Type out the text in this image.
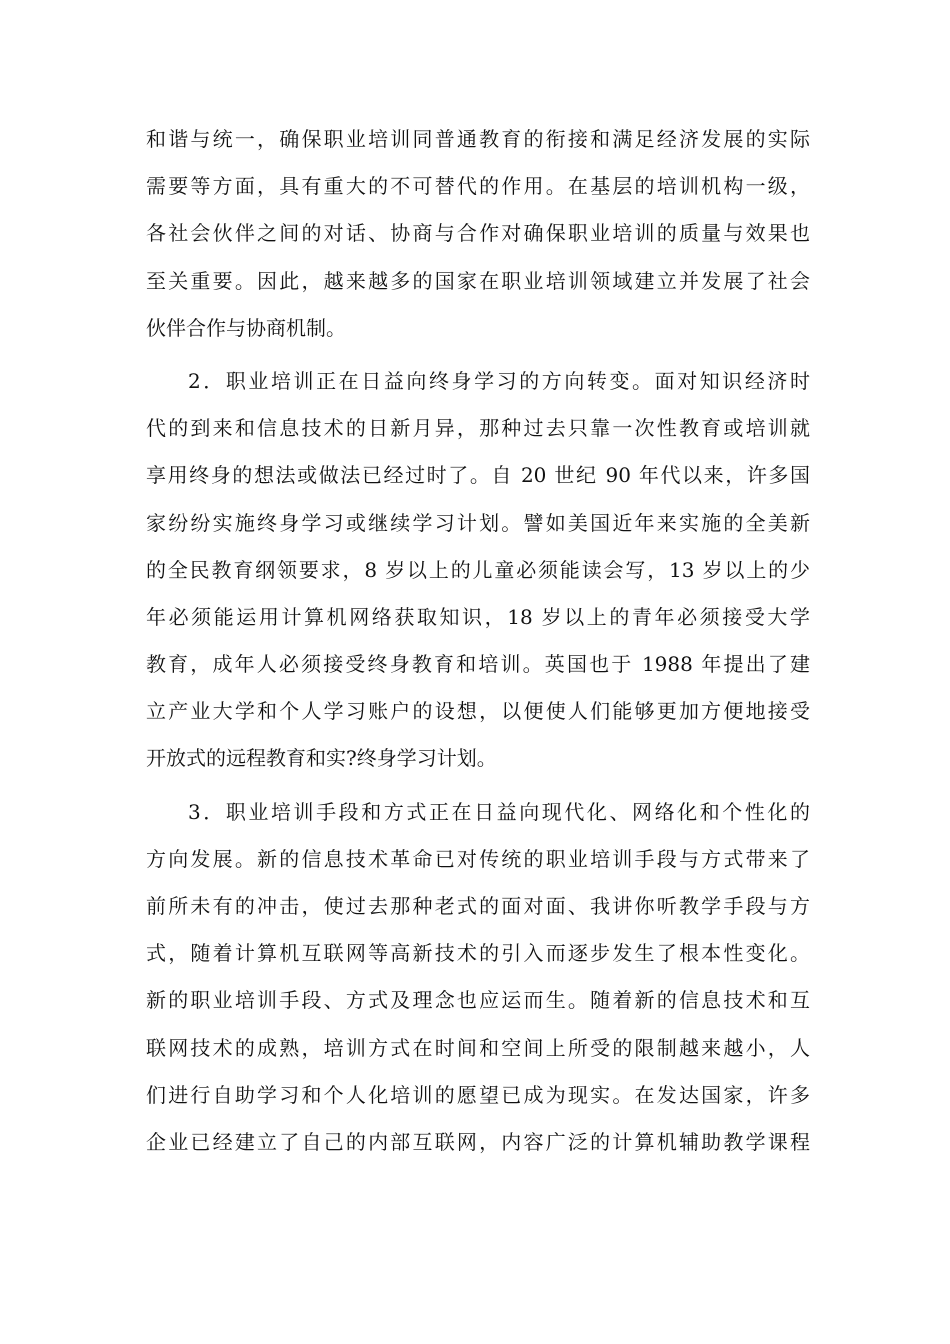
和谐与统一，确保职业培训同普通教育的衔接和满足经济发展的实际
需要等方面，具有重大的不可替代的作用。在基层的培训机构一级，
各社会伙伴之间的对话、协商与合作对确保职业培训的质量与效果也
至关重要。因此，越来越多的国家在职业培训领域建立并发展了社会
伙伴合作与协商机制。
2．职业培训正在日益向终身学习的方向转变。面对知识经济时
代的到来和信息技术的日新月异，那种过去只靠一次性教育或培训就
享用终身的想法或做法已经过时了。自 20 世纪 90 年代以来，许多国
家纷纷实施终身学习或继续学习计划。譬如美国近年来实施的全美新
的全民教育纲领要求，8 岁以上的儿童必须能读会写，13 岁以上的少
年必须能运用计算机网络获取知识，18 岁以上的青年必须接受大学
教育，成年人必须接受终身教育和培训。英国也于 1988 年提出了建
立产业大学和个人学习账户的设想，以便使人们能够更加方便地接受
开放式的远程教育和实?终身学习计划。
3．职业培训手段和方式正在日益向现代化、网络化和个性化的
方向发展。新的信息技术革命已对传统的职业培训手段与方式带来了
前所未有的冲击，使过去那种老式的面对面、我讲你听教学手段与方
式，随着计算机互联网等高新技术的引入而逐步发生了根本性变化。
新的职业培训手段、方式及理念也应运而生。随着新的信息技术和互
联网技术的成熟，培训方式在时间和空间上所受的限制越来越小，人
们进行自助学习和个人化培训的愿望已成为现实。在发达国家，许多
企业已经建立了自己的内部互联网，内容广泛的计算机辅助教学课程
